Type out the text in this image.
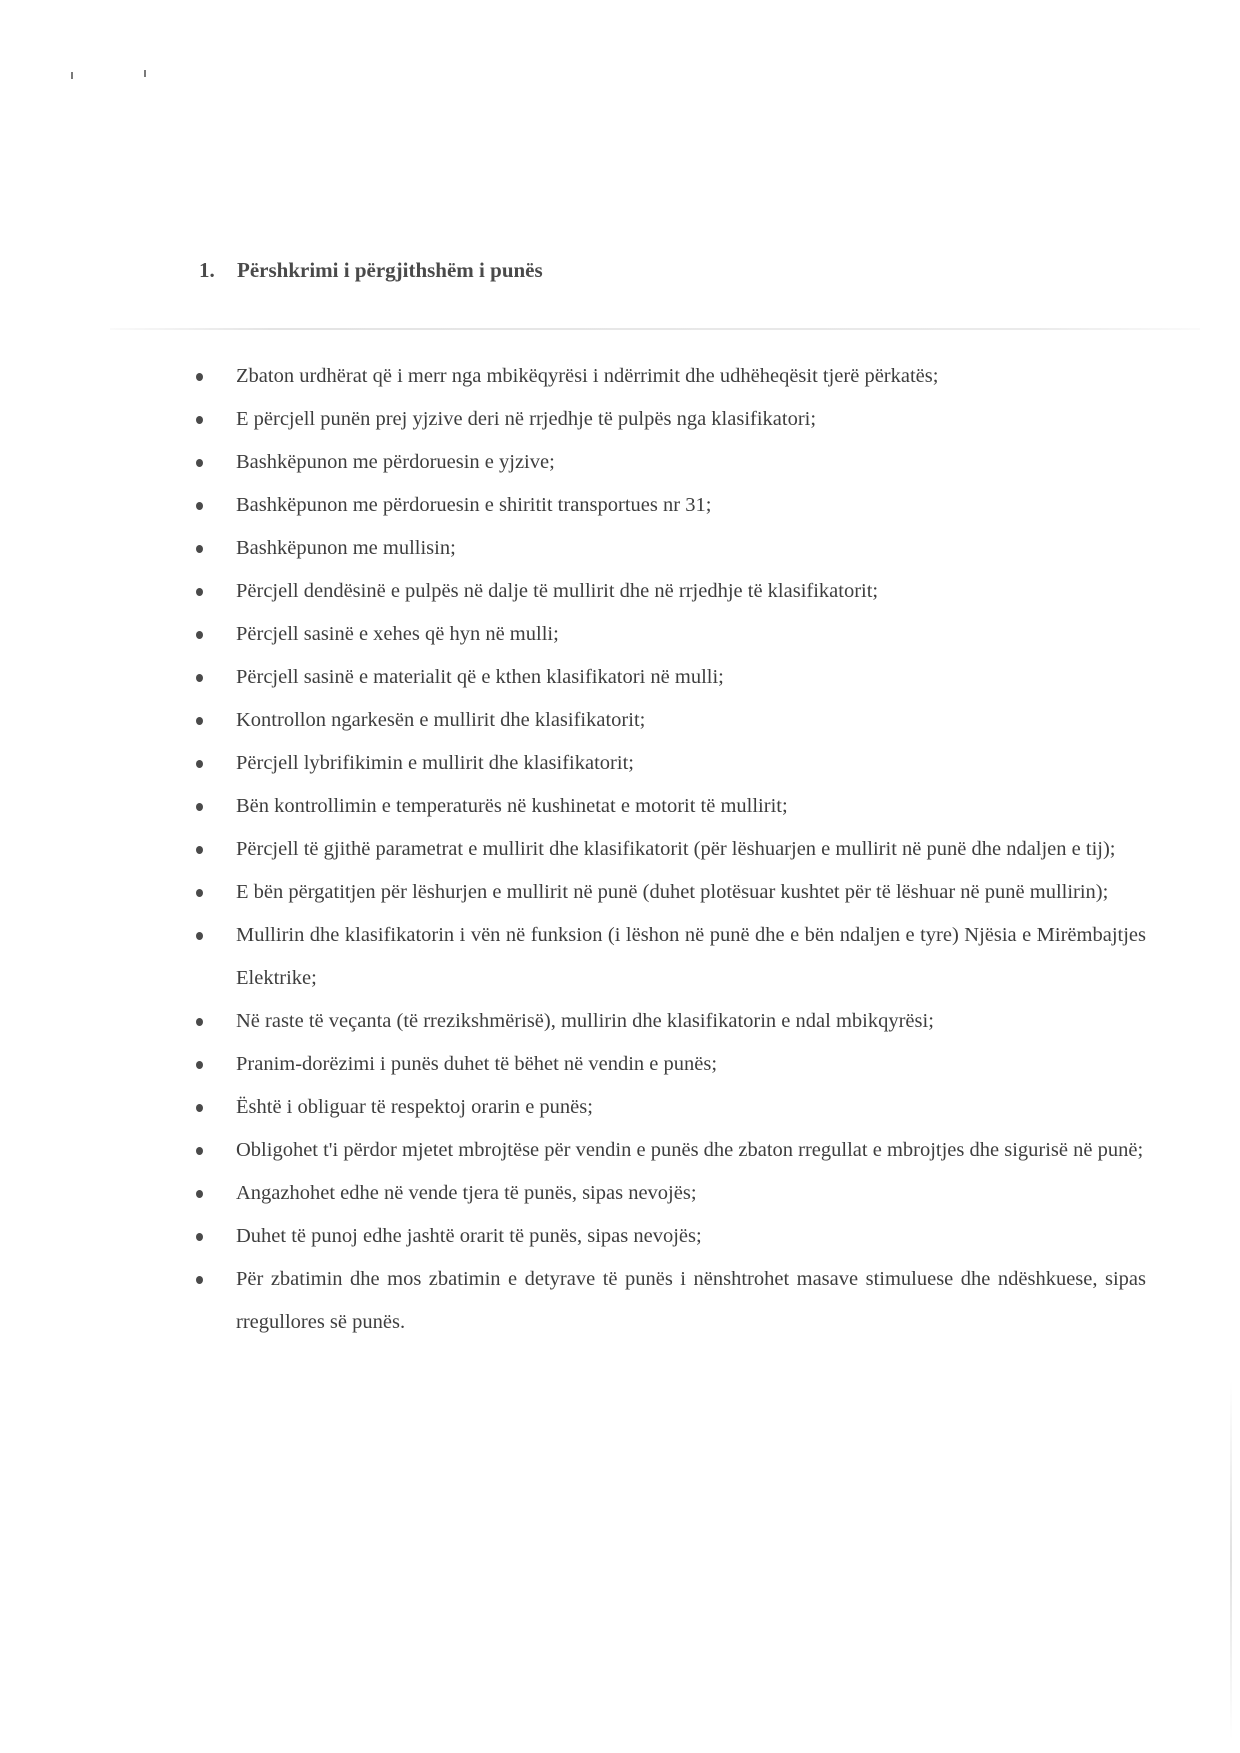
1. Përshkrimi i përgjithshëm i punës
Zbaton urdhërat që i merr nga mbikëqyrësi i ndërrimit dhe udhëheqësit tjerë përkatës;
E përcjell punën prej yjzive deri në rrjedhje të pulpës nga klasifikatori;
Bashkëpunon me përdoruesin e yjzive;
Bashkëpunon me përdoruesin e shiritit transportues nr 31;
Bashkëpunon me mullisin;
Përcjell dendësinë e pulpës në dalje të mullirit dhe në rrjedhje të klasifikatorit;
Përcjell sasinë e xehes që hyn në mulli;
Përcjell sasinë e materialit që e kthen klasifikatori në mulli;
Kontrollon ngarkesën e mullirit dhe klasifikatorit;
Përcjell lybrifikimin e mullirit dhe klasifikatorit;
Bën kontrollimin e temperaturës në kushinetat e motorit të mullirit;
Përcjell të gjithë parametrat e mullirit dhe klasifikatorit (për lëshuarjen e mullirit në punë dhe ndaljen e tij);
E bën përgatitjen për lëshurjen e mullirit në punë (duhet plotësuar kushtet për të lëshuar në punë mullirin);
Mullirin dhe klasifikatorin i vën në funksion (i lëshon në punë dhe e bën ndaljen e tyre) Njësia e Mirëmbajtjes Elektrike;
Në raste të veçanta (të rrezikshmërisë), mullirin dhe klasifikatorin e ndal mbikqyrësi;
Pranim-dorëzimi i punës duhet të bëhet në vendin e punës;
Është i obliguar të respektoj orarin e punës;
Obligohet t'i përdor mjetet mbrojtëse për vendin e punës dhe zbaton rregullat e mbrojtjes dhe sigurisë në punë;
Angazhohet edhe në vende tjera të punës, sipas nevojës;
Duhet të punoj edhe jashtë orarit të punës, sipas nevojës;
Për zbatimin dhe mos zbatimin e detyrave të punës i nënshtrohet masave stimuluese dhe ndëshkuese, sipas rregullores së punës.
